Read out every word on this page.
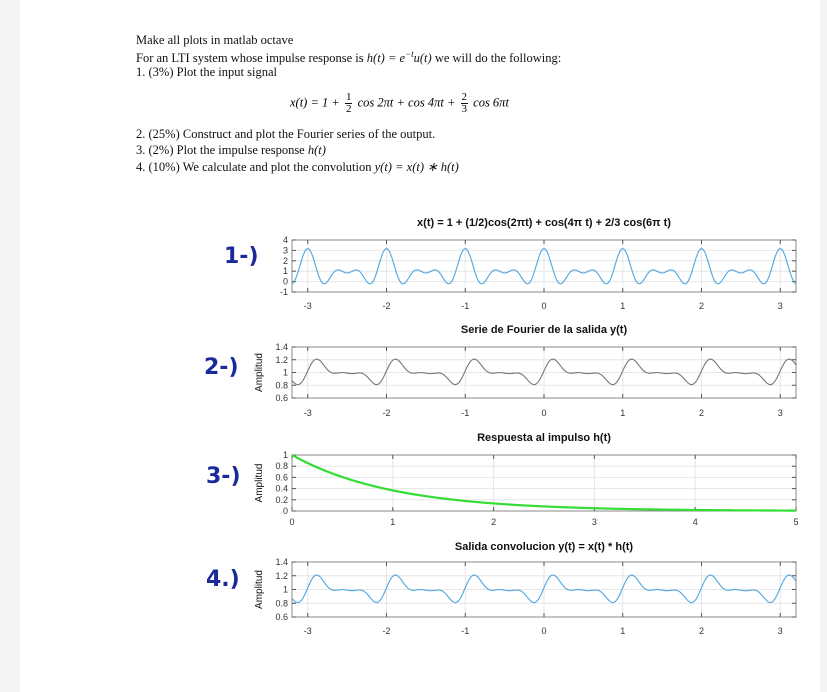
Make all plots in matlab octave
For an LTI system whose impulse response is $h(t) = e^{-t}u(t)$ we will do the following:
1. (3%) Plot the input signal
$x(t) = 1 + \frac{1}{2}$ $\cos 2\pi t + \cos 4\pi t + \frac{2}{3}$ cos 6πt
2. (25%) Construct and plot the Fourier series of the output.
3. (2%) Plot the impulse response h(t)
4. (10%) We calculate and plot the convolution y(t) = x(t) ∗ h(t)
1-)
2-)
3-)
4.)
-3	-2	-1	0	1	2	3
-1
0
1
2
3
4
x(t) = 1 + (1/2)cos(2πt) + cos(4π t) + 2/3 cos(6π t)
-3	-2	-1	0	1	2	3
0.6
0.8
1
1.2
1.4
Serie de Fourier de la salida y(t)
Amplitud
0	1	2	3	4	5
0
0.2
0.4
0.6
0.8
1
Respuesta al impulso h(t)
Amplitud
-3	-2	-1	0	1	2	3
0.6
0.8
1
1.2
1.4
Salida convolucion y(t) = x(t) * h(t)
Amplitud
